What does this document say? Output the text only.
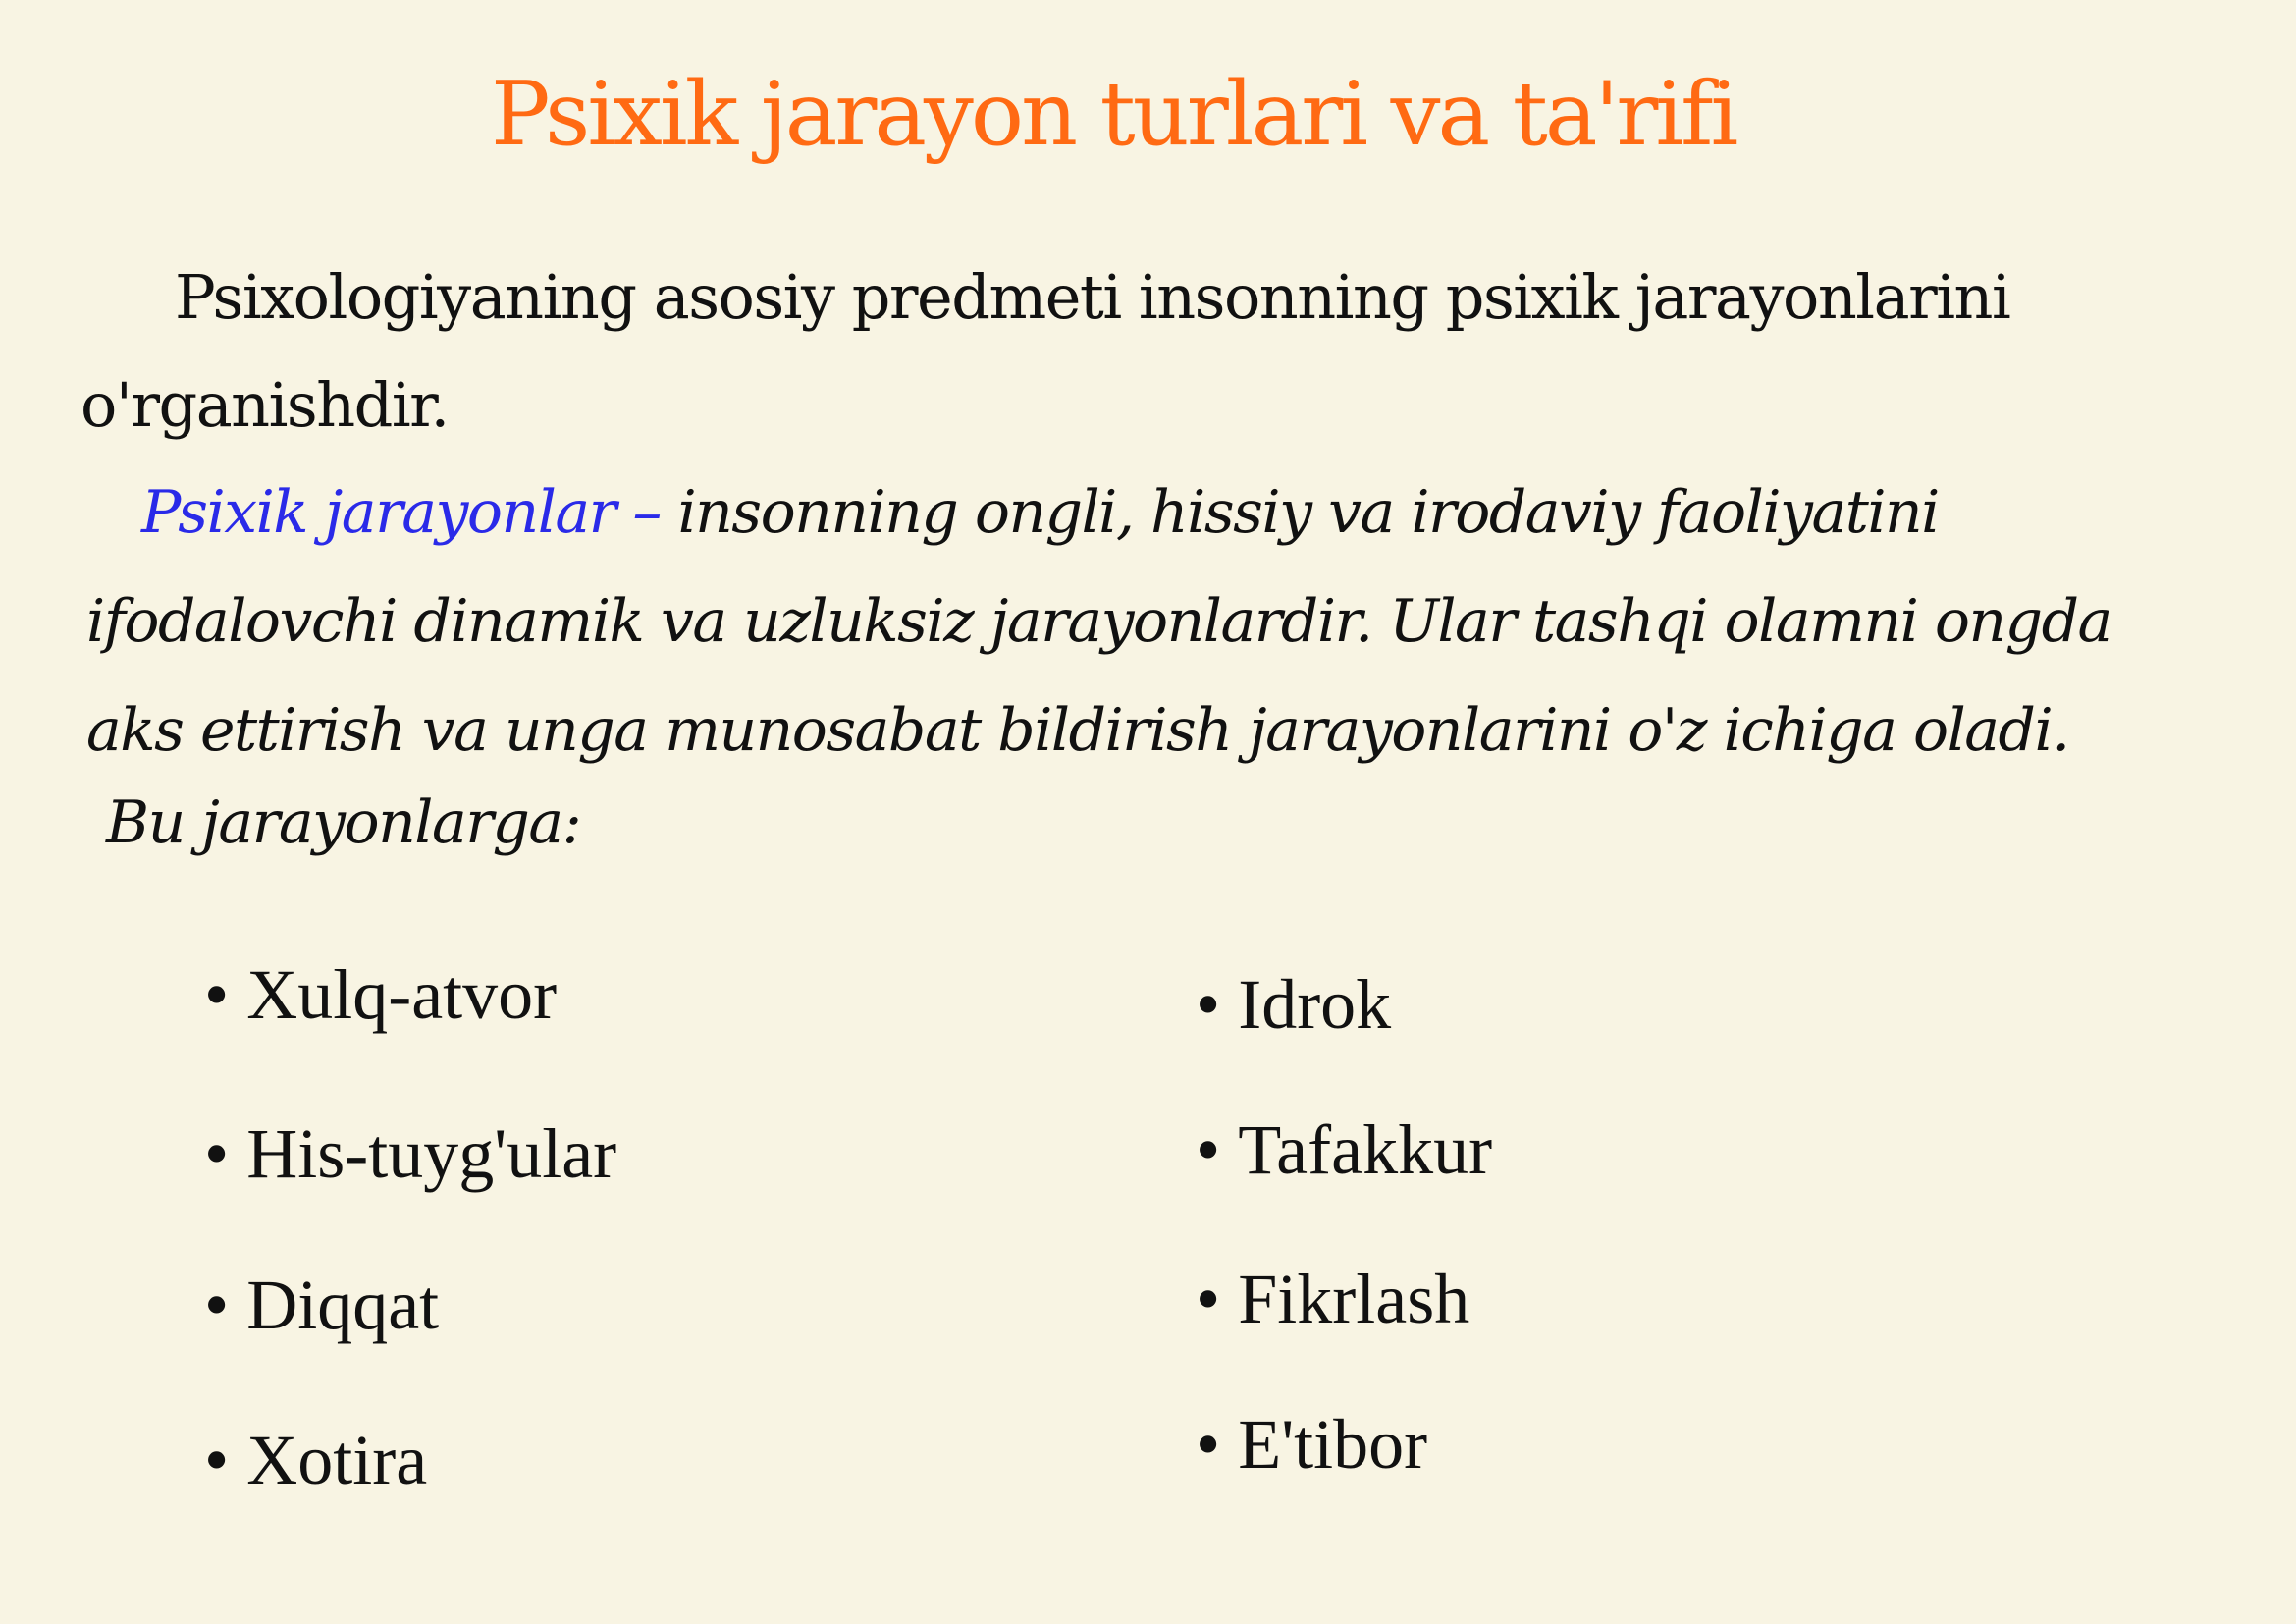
Psixik jarayon turlari va ta'rifi

Psixologiyaning asosiy predmeti insonning psixik jarayonlarini o'rganishdir.

Psixik jarayonlar – insonning ongli, hissiy va irodaviy faoliyatini ifodalovchi dinamik va uzluksiz jarayonlardir. Ular tashqi olamni ongda aks ettirish va unga munosabat bildirish jarayonlarini o'z ichiga oladi.

Bu jarayonlarga:

• Xulq-atvor
• His-tuyg'ular
• Diqqat
• Xotira
• Idrok
• Tafakkur
• Fikrlash
• E'tibor
